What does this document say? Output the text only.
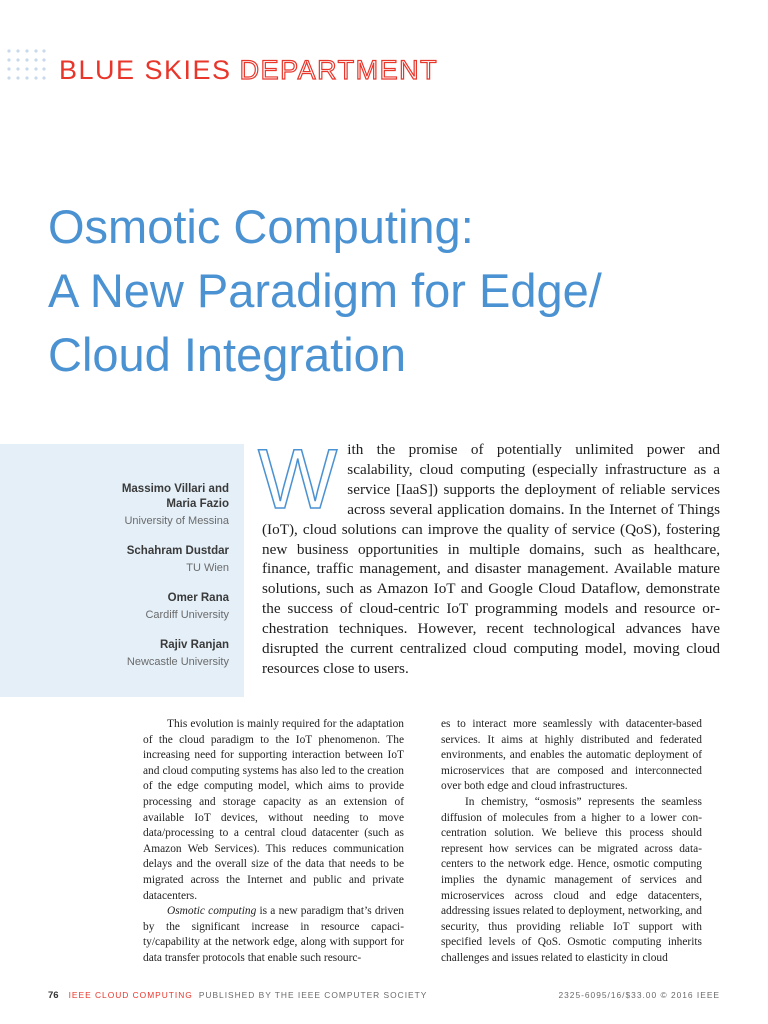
BLUE SKIES DEPARTMENT
Osmotic Computing:
A New Paradigm for Edge/
Cloud Integration
Massimo Villari and
Maria Fazio
University of Messina
Schahram Dustdar
TU Wien
Omer Rana
Cardiff University
Rajiv Ranjan
Newcastle University

With the promise of potentially unlimited power and scalability, cloud computing (especially infrastructure as a service [IaaS]) supports the deployment of reliable services across several application domains. In the Internet of Things (IoT), cloud solutions can improve the quality of service (QoS), fostering new business opportunities in multiple domains, such as healthcare, finance, traffic management, and disaster management. Available mature solutions, such as Amazon IoT and Google Cloud Dataflow, demonstrate the success of cloud-centric IoT programming models and resource orchestration techniques. However, recent technological advances have disrupted the current centralized cloud computing model, moving cloud resources close to users.

This evolution is mainly required for the adaptation of the cloud paradigm to the IoT phenomenon. The increasing need for supporting interaction between IoT and cloud computing systems has also led to the creation of the edge computing model, which aims to provide processing and storage capacity as an extension of available IoT devices, without needing to move data/processing to a central cloud datacenter (such as Amazon Web Services). This reduces communication delays and the overall size of the data that needs to be migrated across the Internet and public and private datacenters.

Osmotic computing is a new paradigm that’s driven by the significant increase in resource capacity/capability at the network edge, along with support for data transfer protocols that enable such resourc-

es to interact more seamlessly with datacenter-based services. It aims at highly distributed and federated environments, and enables the automatic deployment of microservices that are composed and interconnected over both edge and cloud infrastructures.

In chemistry, “osmosis” represents the seamless diffusion of molecules from a higher to a lower concentration solution. We believe this process should represent how services can be migrated across datacenters to the network edge. Hence, osmotic computing implies the dynamic management of services and microservices across cloud and edge datacenters, addressing issues related to deployment, networking, and security, thus providing reliable IoT support with specified levels of QoS. Osmotic computing inherits challenges and issues related to elasticity in cloud

76 IEEE CLOUD COMPUTING PUBLISHED BY THE IEEE COMPUTER SOCIETY	2325-6095/16/$33.00 © 2016 IEEE
